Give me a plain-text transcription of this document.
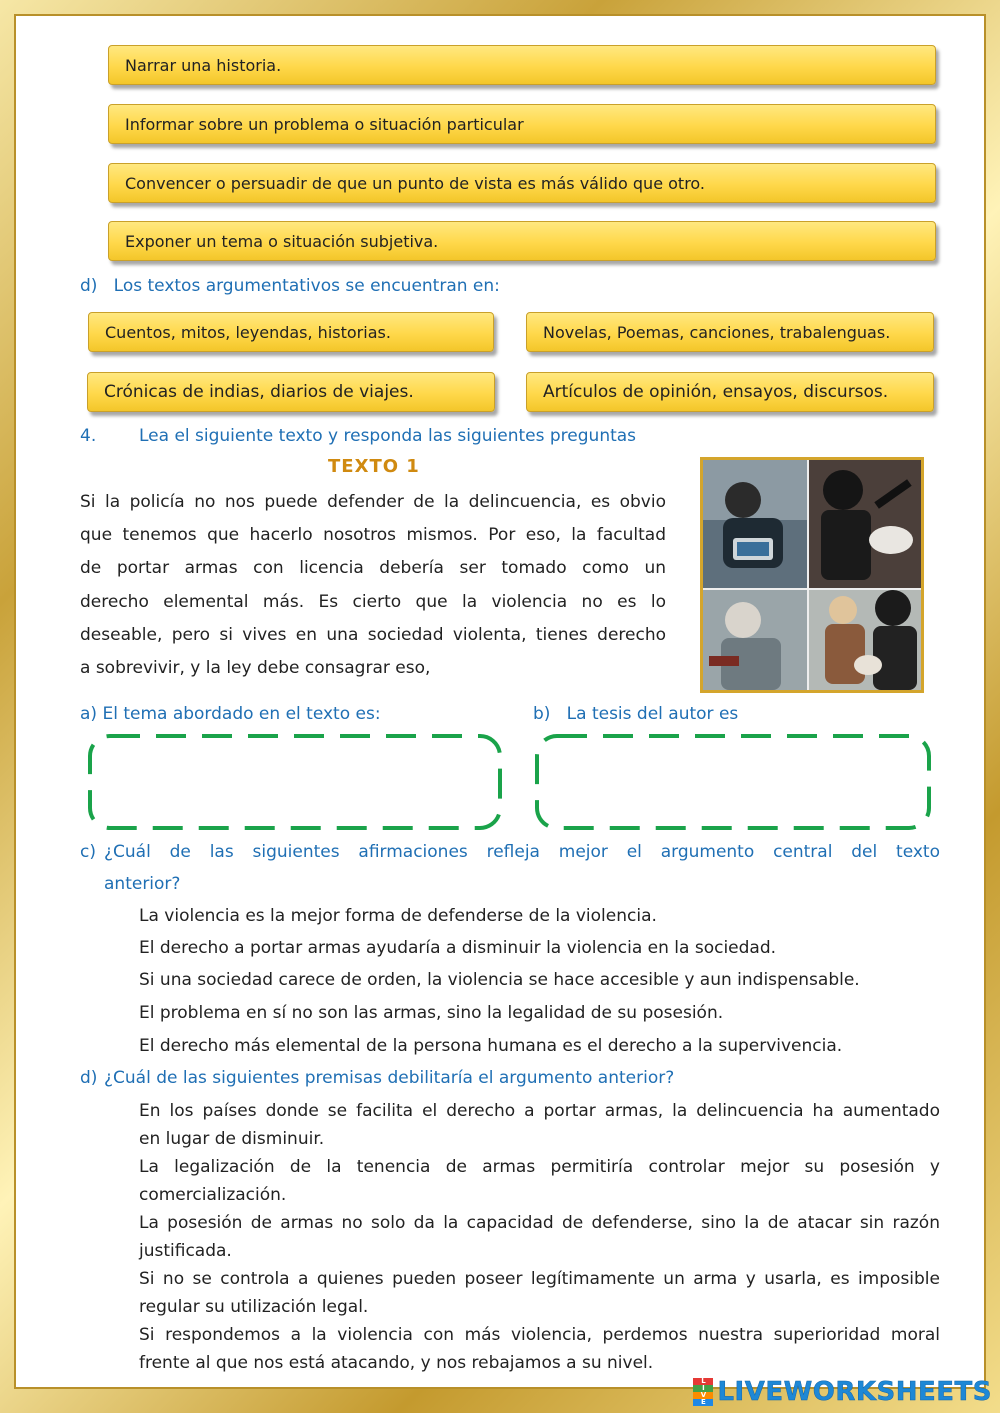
Narrar una historia.
Informar sobre un problema o situación particular
Convencer o persuadir de que un punto de vista es más válido que otro.
Exponer un tema o situación subjetiva.
d) Los textos argumentativos se encuentran en:
Cuentos, mitos, leyendas, historias.	Novelas, Poemas, canciones, trabalenguas.
Crónicas de indias, diarios de viajes.	Artículos de opinión, ensayos, discursos.
4.	Lea el siguiente texto y responda las siguientes preguntas
TEXTO 1
Si la policía no nos puede defender de la delincuencia, es obvio
que tenemos que hacerlo nosotros mismos. Por eso, la facultad
de portar armas con licencia debería ser tomado como un
derecho elemental más. Es cierto que la violencia no es lo
deseable, pero si vives en una sociedad violenta, tienes derecho
a sobrevivir, y la ley debe consagrar eso,
a) El tema abordado en el texto es:	b) La tesis del autor es
c) ¿Cuál de las siguientes afirmaciones refleja mejor el argumento central del texto
anterior?
La violencia es la mejor forma de defenderse de la violencia.
El derecho a portar armas ayudaría a disminuir la violencia en la sociedad.
Si una sociedad carece de orden, la violencia se hace accesible y aun indispensable.
El problema en sí no son las armas, sino la legalidad de su posesión.
El derecho más elemental de la persona humana es el derecho a la supervivencia.
d) ¿Cuál de las siguientes premisas debilitaría el argumento anterior?
En los países donde se facilita el derecho a portar armas, la delincuencia ha aumentado
en lugar de disminuir.
La legalización de la tenencia de armas permitiría controlar mejor su posesión y
comercialización.
La posesión de armas no solo da la capacidad de defenderse, sino la de atacar sin razón
justificada.
Si no se controla a quienes pueden poseer legítimamente un arma y usarla, es imposible
regular su utilización legal.
Si respondemos a la violencia con más violencia, perdemos nuestra superioridad moral
frente al que nos está atacando, y nos rebajamos a su nivel.
L
I
V
E LIVEWORKSHEETS
